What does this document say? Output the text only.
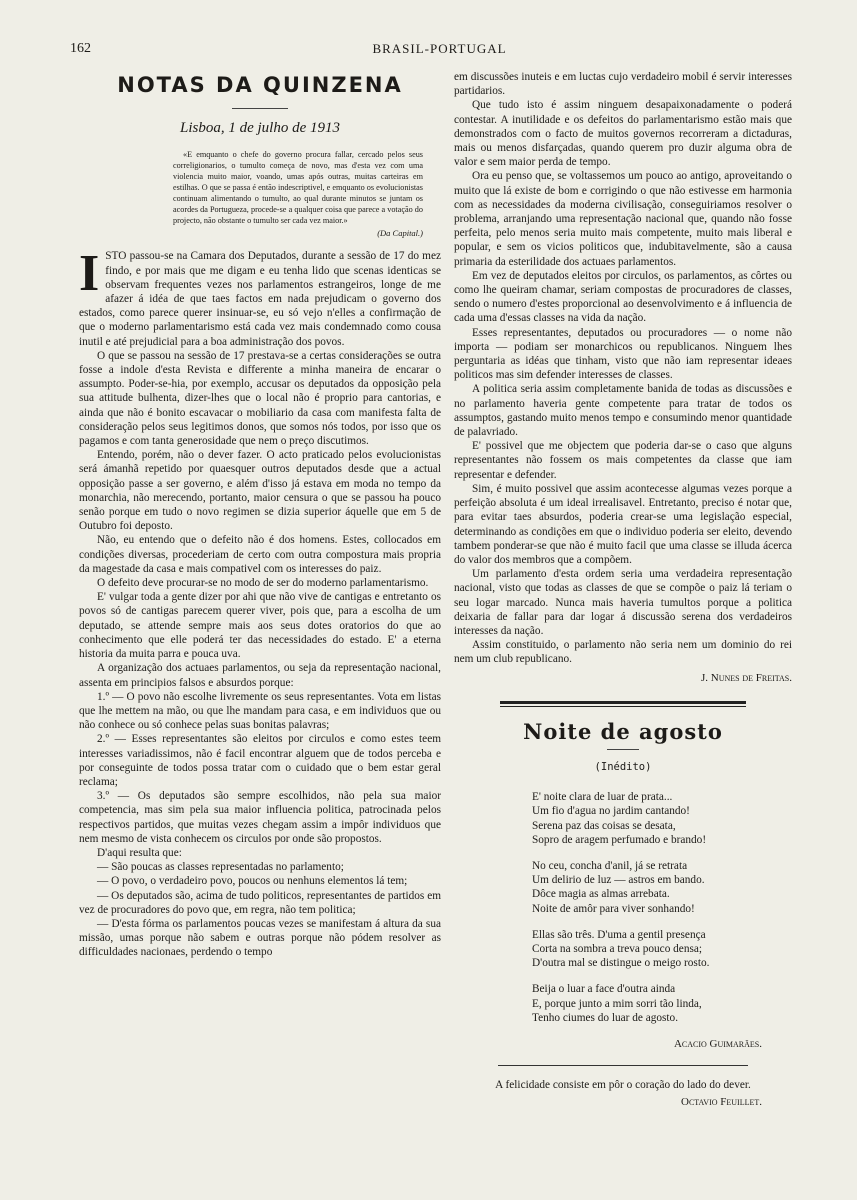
162	BRASIL-PORTUGAL
NOTAS DA QUINZENA
Lisboa, 1 de julho de 1913

«E emquanto o chefe do governo procura fallar, cercado pelos seus correligionarios, o tumulto começa de novo, mas d'esta vez com uma violencia muito maior, voando, umas após outras, muitas carteiras em estilhas. O que se passa é então indescriptivel, e emquanto os evolucionistas continuam alimentando o tumulto, ao qual durante minutos se juntam os acordes da Portugueza, procede-se a qualquer coisa que parece a votação do projecto, não obstante o tumulto ser cada vez maior.»

(Da Capital.)

ISTO passou-se na Camara dos Deputados, durante a sessão de 17 do mez findo, e por mais que me digam e eu tenha lido que scenas identicas se observam frequentes vezes nos parlamentos estrangeiros, longe de me afazer á idéa de que taes factos em nada prejudicam o governo dos estados, como parece querer insinuar-se, eu só vejo n'elles a confirmação de que o moderno parlamentarismo está cada vez mais condemnado como cousa inutil e até prejudicial para a boa administração dos povos.

O que se passou na sessão de 17 prestava-se a certas considerações se outra fosse a indole d'esta Revista e differente a minha maneira de encarar o assumpto. Poder-se-hia, por exemplo, accusar os deputados da opposição pela sua attitude bulhenta, dizer-lhes que o local não é proprio para cantorias, e ainda que não é bonito escavacar o mobiliario da casa com manifesta falta de consideração pelos seus legitimos donos, que somos nós todos, por isso que os pagamos e com tanta generosidade que nem o preço discutimos.

Entendo, porém, não o dever fazer. O acto praticado pelos evolucionistas será ámanhã repetido por quaesquer outros deputados desde que a actual opposição passe a ser governo, e além d'isso já estava em moda no tempo da monarchia, não merecendo, portanto, maior censura o que se passou ha pouco senão porque em tudo o novo regimen se dizia superior áquelle que em 5 de Outubro foi deposto.

Não, eu entendo que o defeito não é dos homens. Estes, collocados em condições diversas, procederiam de certo com outra compostura mais propria da magestade da casa e mais compativel com os interesses do paiz.

O defeito deve procurar-se no modo de ser do moderno parlamentarismo.

E' vulgar toda a gente dizer por ahi que não vive de cantigas e entretanto os povos só de cantigas parecem querer viver, pois que, para a escolha de um deputado, se attende sempre mais aos seus dotes oratorios do que ao conhecimento que elle poderá ter das necessidades do estado. E' a eterna historia da muita parra e pouca uva.

A organização dos actuaes parlamentos, ou seja da representação nacional, assenta em principios falsos e absurdos porque:

1.º — O povo não escolhe livremente os seus representantes. Vota em listas que lhe mettem na mão, ou que lhe mandam para casa, e em individuos que ou não conhece ou só conhece pelas suas bonitas palavras;

2.º — Esses representantes são eleitos por circulos e como estes teem interesses variadissimos, não é facil encontrar alguem que de todos perceba e por conseguinte de todos possa tratar com o cuidado que o bem estar geral reclama;

3.º — Os deputados são sempre escolhidos, não pela sua maior competencia, mas sim pela sua maior influencia politica, patrocinada pelos respectivos partidos, que muitas vezes chegam assim a impôr individuos que nem mesmo de vista conhecem os circulos por onde são propostos.

D'aqui resulta que:

— São poucas as classes representadas no parlamento;

— O povo, o verdadeiro povo, poucos ou nenhuns elementos lá tem;

— Os deputados são, acima de tudo politicos, representantes de partidos em vez de procuradores do povo que, em regra, não tem politica;

— D'esta fórma os parlamentos poucas vezes se manifestam á altura da sua missão, umas porque não sabem e outras porque não pódem resolver as difficuldades nacionaes, perdendo o tempo

em discussões inuteis e em luctas cujo verdadeiro mobil é servir interesses partidarios.

Que tudo isto é assim ninguem desapaixonadamente o poderá contestar. A inutilidade e os defeitos do parlamentarismo estão mais que demonstrados com o facto de muitos governos recorreram a dictaduras, mais ou menos disfarçadas, quando querem pro duzir alguma obra de valor e sem maior perda de tempo.

Ora eu penso que, se voltassemos um pouco ao antigo, aproveitando o muito que lá existe de bom e corrigindo o que não estivesse em harmonia com as necessidades da moderna civilisação, conseguiriamos resolver o problema, arranjando uma representação nacional que, quando não fosse perfeita, pelo menos seria muito mais competente, muito mais liberal e popular, e sem os vicios politicos que, indubitavelmente, são a causa primaria da esterilidade dos actuaes parlamentos.

Em vez de deputados eleitos por circulos, os parlamentos, as côrtes ou como lhe queiram chamar, seriam compostas de procuradores de classes, sendo o numero d'estes proporcional ao desenvolvimento e á influencia de cada uma d'essas classes na vida da nação.

Esses representantes, deputados ou procuradores — o nome não importa — podiam ser monarchicos ou republicanos. Ninguem lhes perguntaria as idéas que tinham, visto que não iam representar ideaes politicos mas sim defender interesses de classes.

A politica seria assim completamente banida de todas as discussões e no parlamento haveria gente competente para tratar de todos os assumptos, gastando muito menos tempo e consumindo menor quantidade de palavriado.

E' possivel que me objectem que poderia dar-se o caso que alguns representantes não fossem os mais competentes da classe que iam representar e defender.

Sim, é muito possivel que assim acontecesse algumas vezes porque a perfeição absoluta é um ideal irrealisavel. Entretanto, preciso é notar que, para evitar taes absurdos, poderia crear-se uma legislação especial, determinando as condições em que o individuo poderia ser eleito, devendo tambem ponderar-se que não é muito facil que uma classe se illuda ácerca do valor dos membros que a compõem.

Um parlamento d'esta ordem seria uma verdadeira representação nacional, visto que todas as classes de que se compõe o paiz lá teriam o seu logar marcado. Nunca mais haveria tumultos porque a politica deixaria de fallar para dar logar á discussão serena dos verdadeiros interesses da nação.

Assim constituido, o parlamento não seria nem um dominio do rei nem um club republicano.

J. Nunes de Freitas.
Noite de agosto
(Inédito)
E' noite clara de luar de prata...
Um fio d'agua no jardim cantando!
Serena paz das coisas se desata,
Sopro de aragem perfumado e brando!
No ceu, concha d'anil, já se retrata
Um delirio de luz — astros em bando.
Dôce magia as almas arrebata.
Noite de amôr para viver sonhando!
Ellas são três. D'uma a gentil presença
Corta na sombra a treva pouco densa;
D'outra mal se distingue o meigo rosto.
Beija o luar a face d'outra ainda
E, porque junto a mim sorri tão linda,
Tenho ciumes do luar de agosto.
Acacio Guimarães.
A felicidade consiste em pôr o coração do lado do dever.
Octavio Feuillet.
